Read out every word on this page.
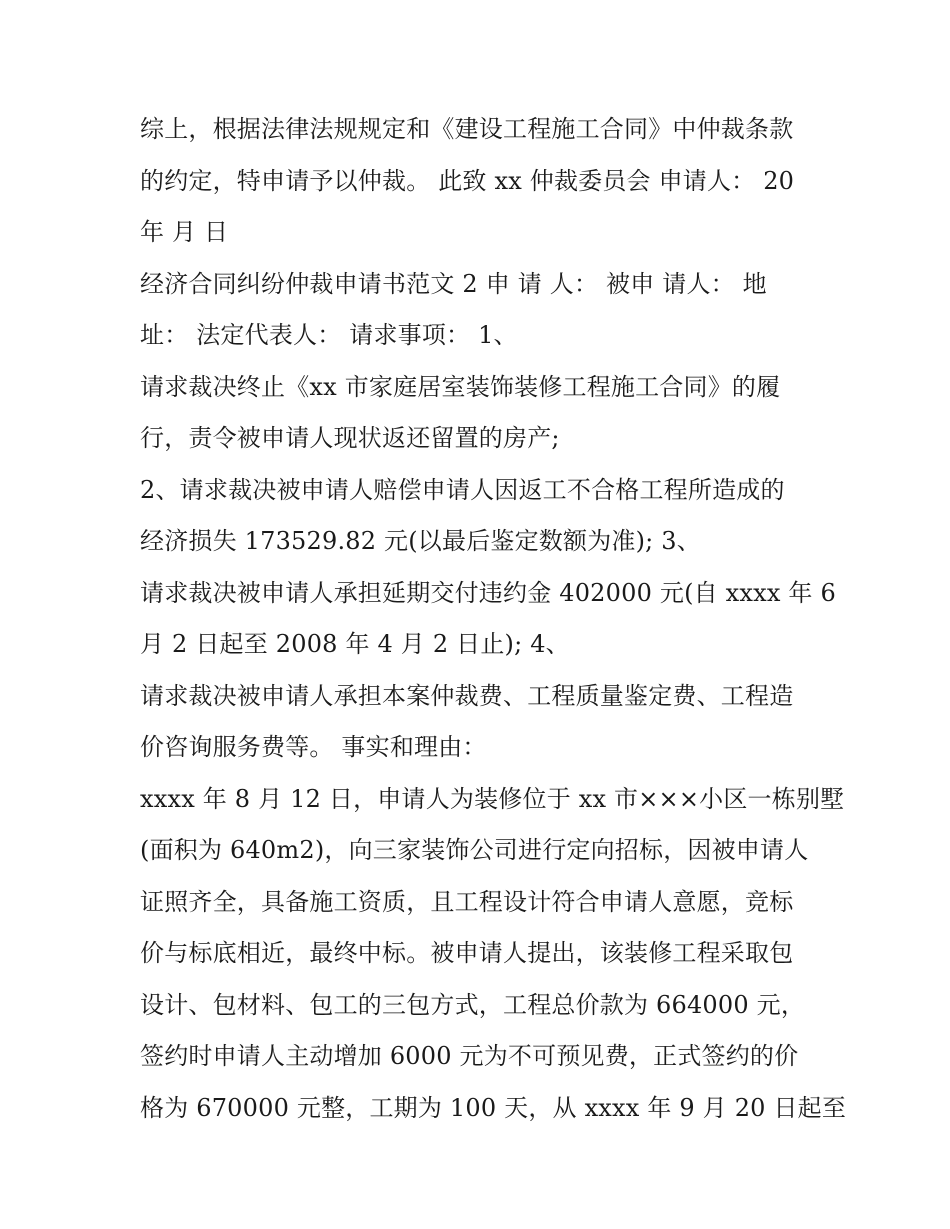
综上，根据法律法规规定和《建设工程施工合同》中仲裁条款
的约定，特申请予以仲裁。 此致 xx 仲裁委员会 申请人： 20
年 月 日
经济合同纠纷仲裁申请书范文 2 申 请 人： 被申 请人： 地
址： 法定代表人： 请求事项： 1、
请求裁决终止《xx 市家庭居室装饰装修工程施工合同》的履
行，责令被申请人现状返还留置的房产;
2、请求裁决被申请人赔偿申请人因返工不合格工程所造成的
经济损失 173529.82 元(以最后鉴定数额为准); 3、
请求裁决被申请人承担延期交付违约金 402000 元(自 xxxx 年 6
月 2 日起至 2008 年 4 月 2 日止); 4、
请求裁决被申请人承担本案仲裁费、工程质量鉴定费、工程造
价咨询服务费等。 事实和理由：
xxxx 年 8 月 12 日，申请人为装修位于 xx 市×××小区一栋别墅
(面积为 640m2)，向三家装饰公司进行定向招标，因被申请人
证照齐全，具备施工资质，且工程设计符合申请人意愿，竞标
价与标底相近，最终中标。被申请人提出，该装修工程采取包
设计、包材料、包工的三包方式，工程总价款为 664000 元，
签约时申请人主动增加 6000 元为不可预见费，正式签约的价
格为 670000 元整，工期为 100 天，从 xxxx 年 9 月 20 日起至
